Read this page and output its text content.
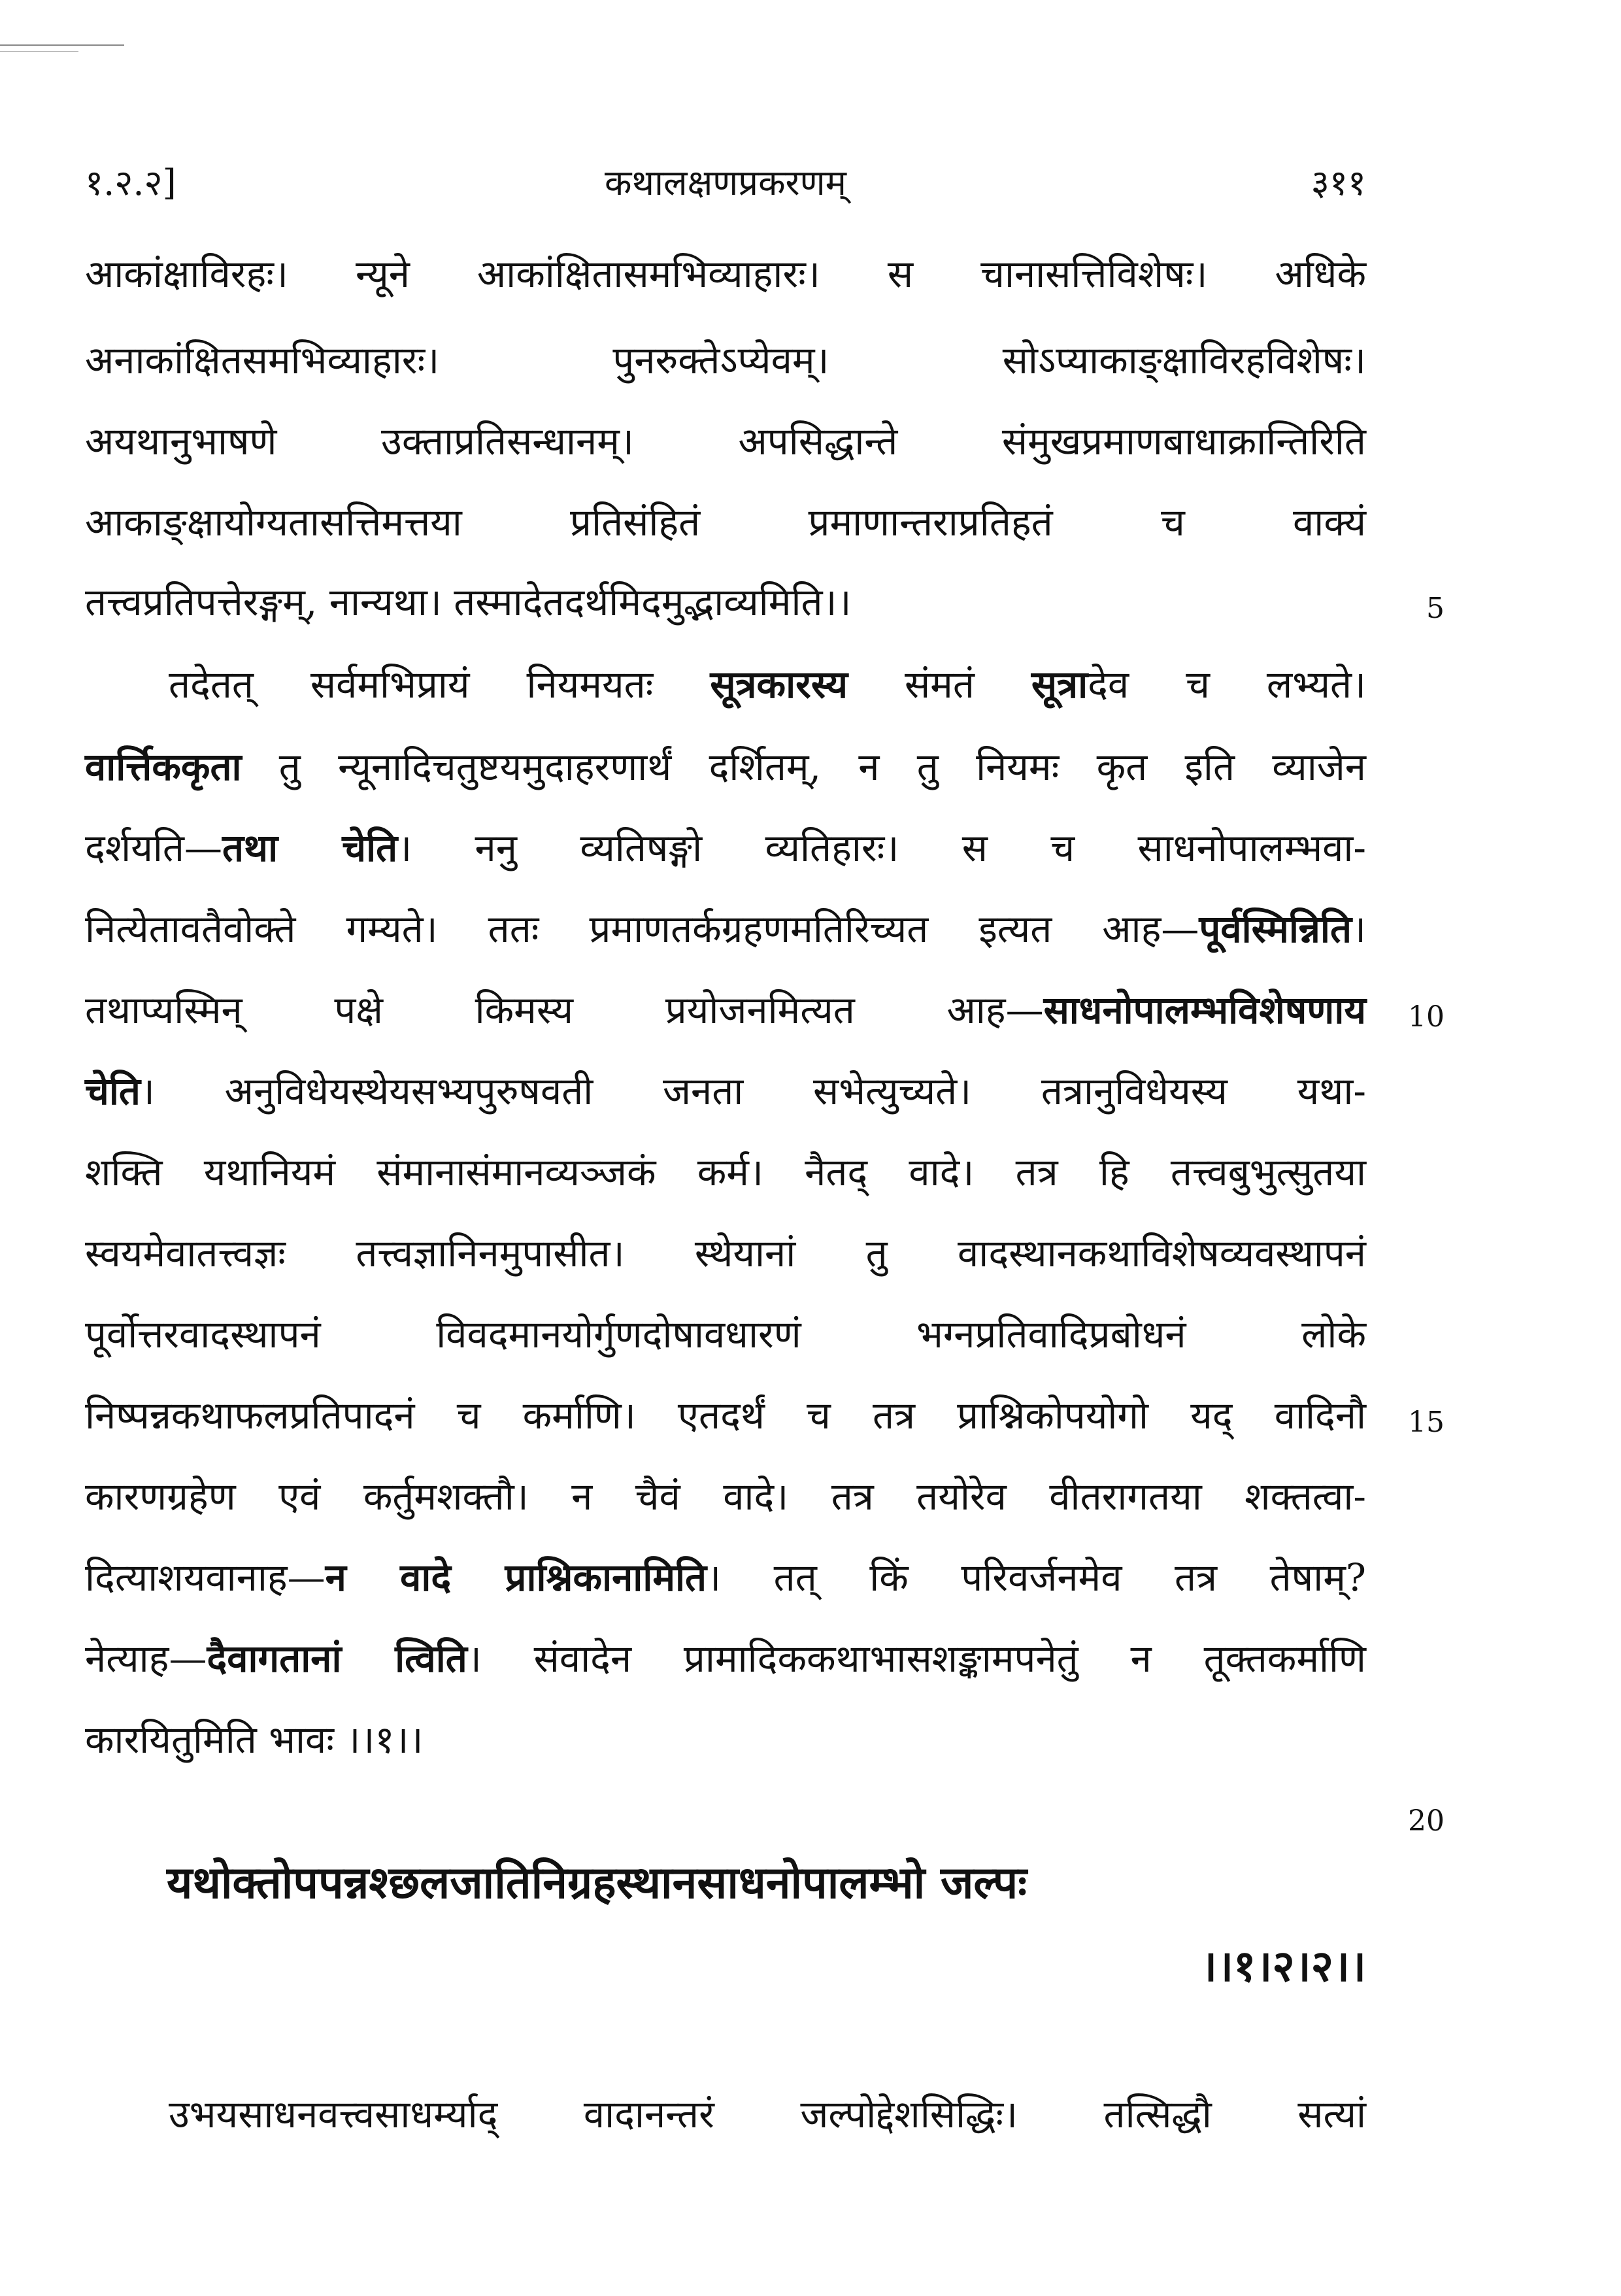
१.२.२]	कथालक्षणप्रकरणम्	३११
आकांक्षाविरहः। न्यूने आकांक्षितासमभिव्याहारः। स चानासत्तिविशेषः। अधिके
अनाकांक्षितसमभिव्याहारः। पुनरुक्तेऽप्येवम्। सोऽप्याकाङ्क्षाविरहविशेषः।
अयथानुभाषणे उक्ताप्रतिसन्धानम्। अपसिद्धान्ते संमुखप्रमाणबाधाक्रान्तिरिति
आकाङ्क्षायोग्यतासत्तिमत्तया प्रतिसंहितं प्रमाणान्तराप्रतिहतं च वाक्यं
तत्त्वप्रतिपत्तेरङ्गम्, नान्यथा। तस्मादेतदर्थमिदमुद्भाव्यमिति।।
तदेतत् सर्वमभिप्रायं नियमयतः सूत्रकारस्य संमतं सूत्रादेव च लभ्यते।
वार्त्तिककृता तु न्यूनादिचतुष्टयमुदाहरणार्थं दर्शितम्, न तु नियमः कृत इति व्याजेन
दर्शयति—तथा चेति। ननु व्यतिषङ्गो व्यतिहारः। स च साधनोपालम्भवा-
नित्येतावतैवोक्ते गम्यते। ततः प्रमाणतर्कग्रहणमतिरिच्यत इत्यत आह—पूर्वस्मिन्निति।
तथाप्यस्मिन् पक्षे किमस्य प्रयोजनमित्यत आह—साधनोपालम्भविशेषणाय
चेति। अनुविधेयस्थेयसभ्यपुरुषवती जनता सभेत्युच्यते। तत्रानुविधेयस्य यथा-
शक्ति यथानियमं संमानासंमानव्यञ्जकं कर्म। नैतद् वादे। तत्र हि तत्त्वबुभुत्सुतया
स्वयमेवातत्त्वज्ञः तत्त्वज्ञानिनमुपासीत। स्थेयानां तु वादस्थानकथाविशेषव्यवस्थापनं
पूर्वोत्तरवादस्थापनं विवदमानयोर्गुणदोषावधारणं भग्नप्रतिवादिप्रबोधनं लोके
निष्पन्नकथाफलप्रतिपादनं च कर्माणि। एतदर्थं च तत्र प्राश्निकोपयोगो यद् वादिनौ
कारणग्रहेण एवं कर्तुमशक्तौ। न चैवं वादे। तत्र तयोरेव वीतरागतया शक्तत्वा-
दित्याशयवानाह—न वादे प्राश्निकानामिति। तत् किं परिवर्जनमेव तत्र तेषाम्?
नेत्याह—दैवागतानां त्विति। संवादेन प्रामादिककथाभासशङ्कामपनेतुं न तूक्तकर्माणि
कारयितुमिति भावः ।।१।।
5
10
15
20
यथोक्तोपपन्नश्छलजातिनिग्रहस्थानसाधनोपालम्भो जल्पः
।।१।२।२।।
उभयसाधनवत्त्वसाधर्म्याद् वादानन्तरं जल्पोद्देशसिद्धिः। तत्सिद्धौ सत्यां
